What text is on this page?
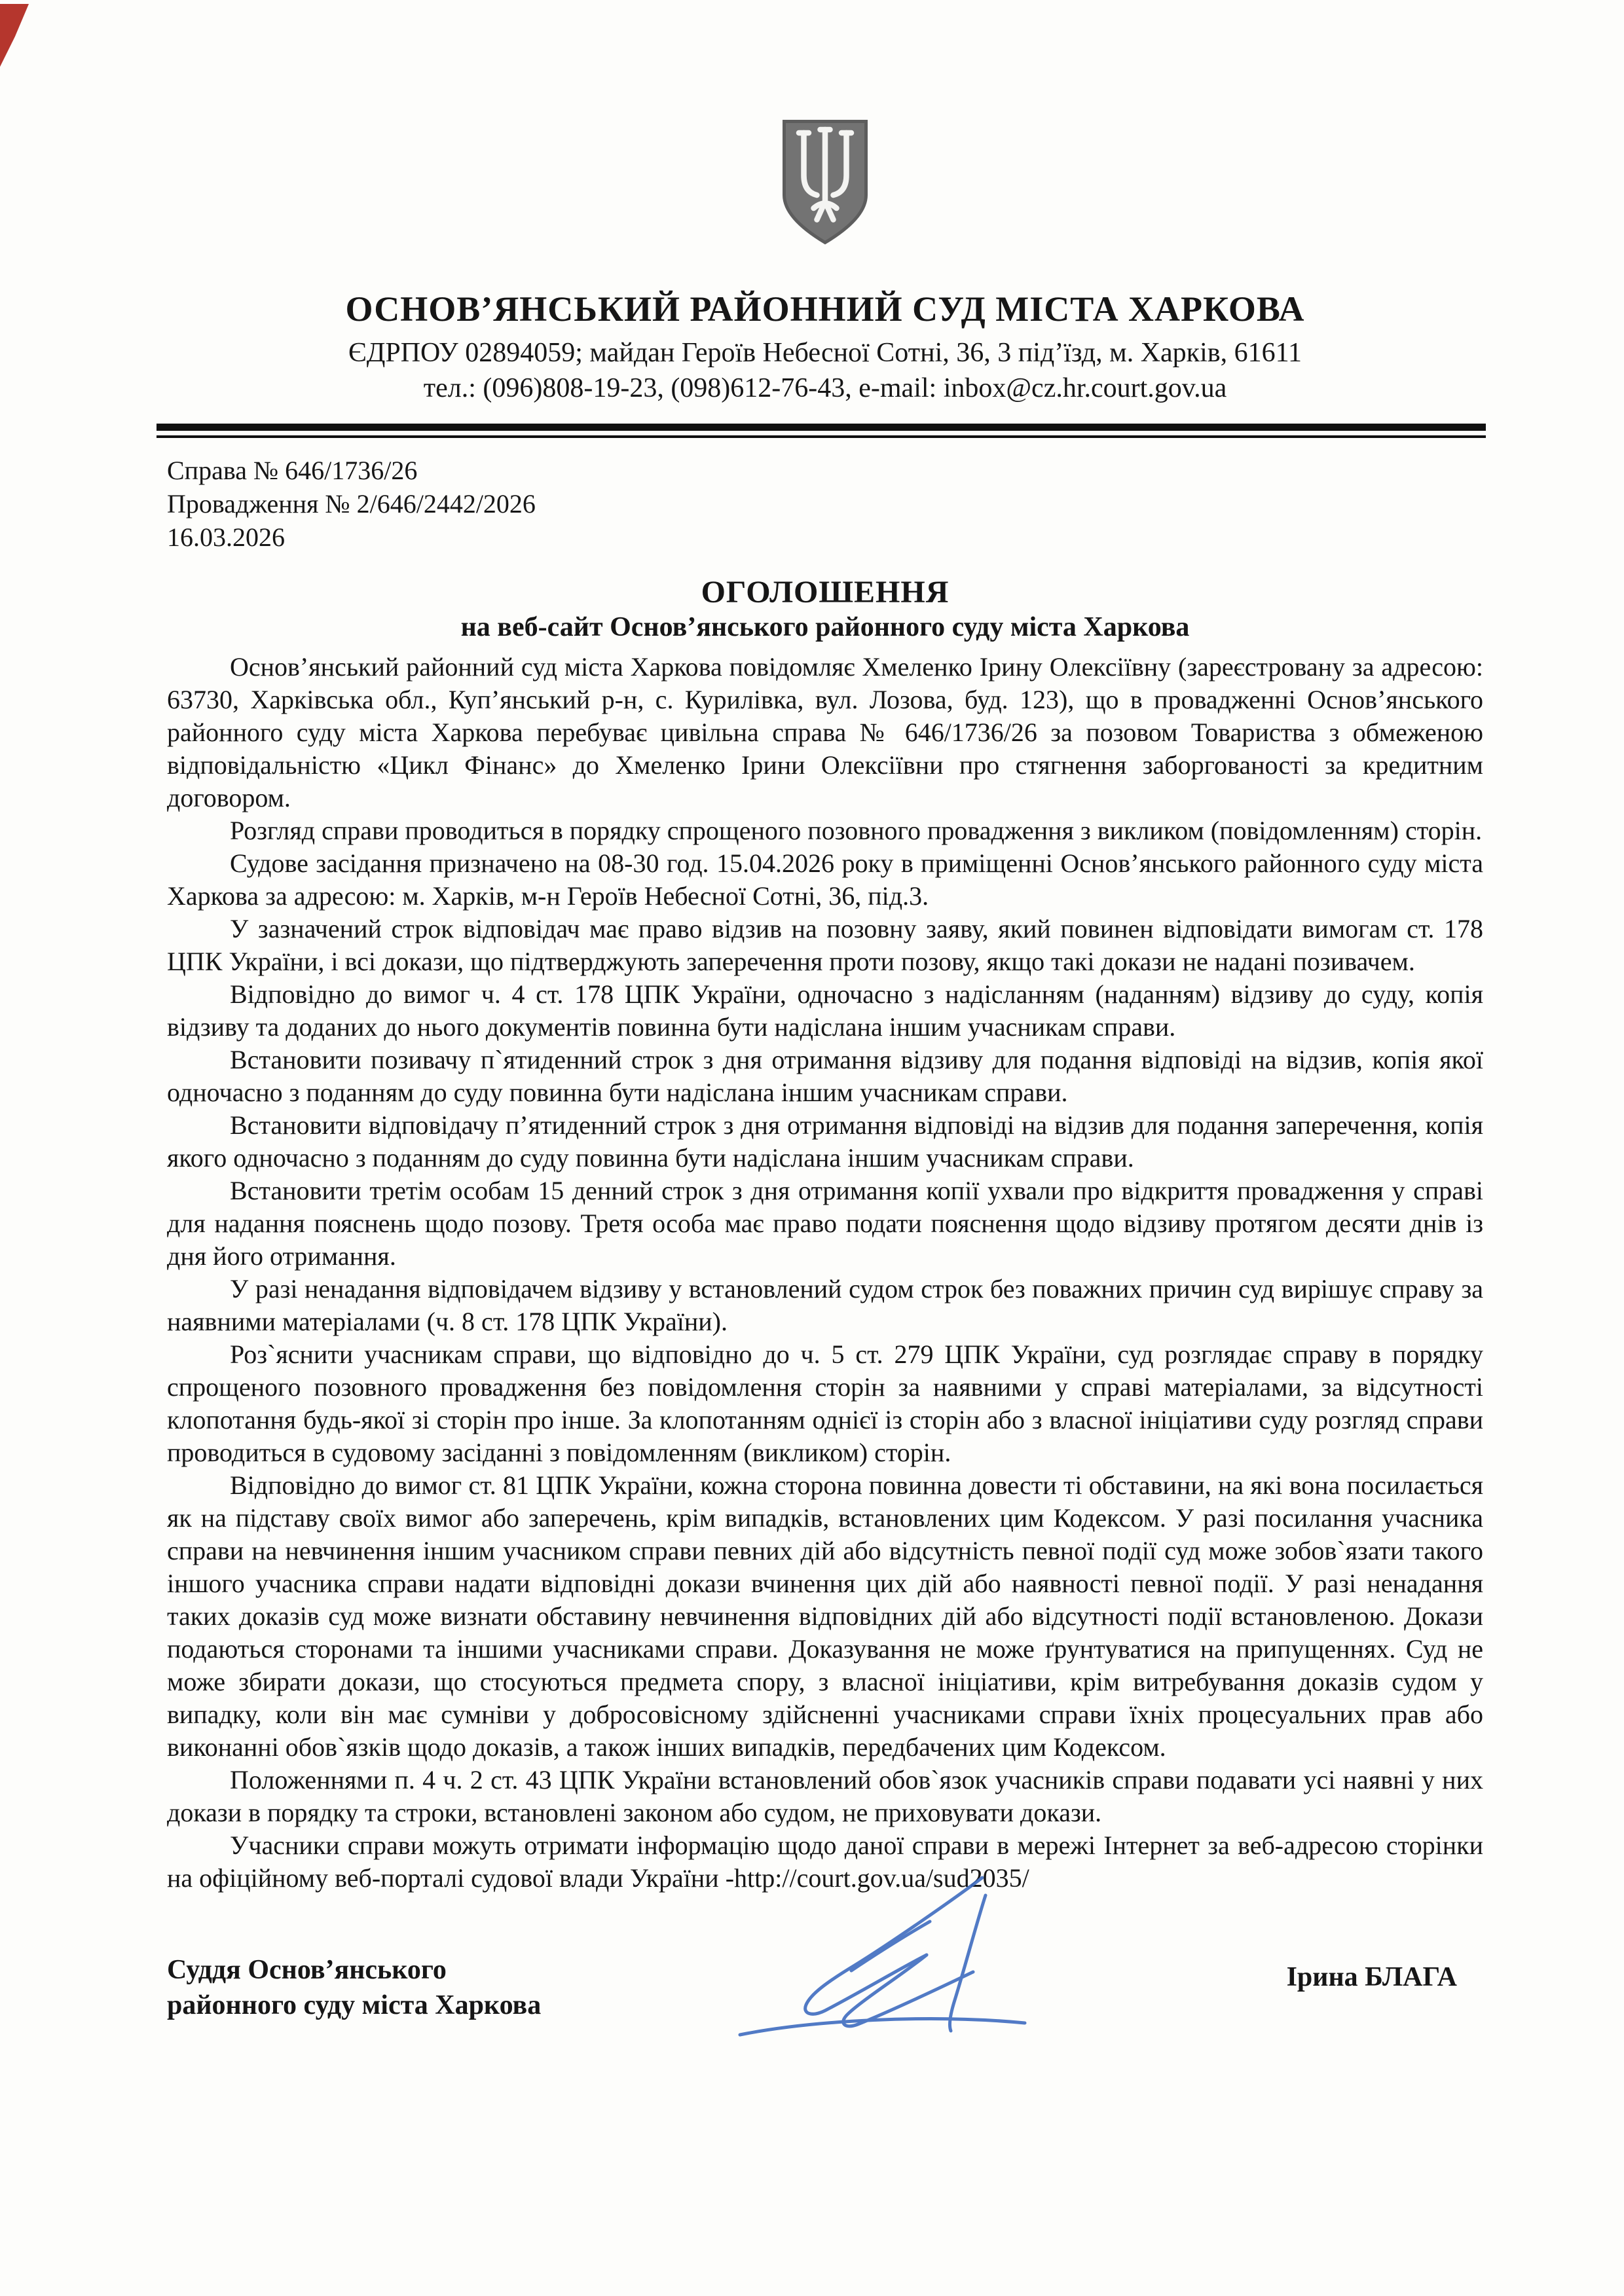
ОСНОВ’ЯНСЬКИЙ РАЙОННИЙ СУД МІСТА ХАРКОВА
ЄДРПОУ 02894059; майдан Героїв Небесної Сотні, 36, 3 під’їзд, м. Харків, 61611
тел.: (096)808-19-23, (098)612-76-43, e-mail: inbox@cz.hr.court.gov.ua
Справа № 646/1736/26
Провадження № 2/646/2442/2026
16.03.2026
ОГОЛОШЕННЯ
на веб-сайт Основ’янського районного суду міста Харкова

Основ’янський районний суд міста Харкова повідомляє Хмеленко Ірину Олексіївну (зареєстровану за адресою: 63730, Харківська обл., Куп’янський р-н, с. Курилівка, вул. Лозова, буд. 123), що в провадженні Основ’янського районного суду міста Харкова перебуває цивільна справа № 646/1736/26 за позовом Товариства з обмеженою відповідальністю «Цикл Фінанс» до Хмеленко Ірини Олексіївни про стягнення заборгованості за кредитним договором.

Розгляд справи проводиться в порядку спрощеного позовного провадження з викликом (повідомленням) сторін.

Судове засідання призначено на 08-30 год. 15.04.2026 року в приміщенні Основ’янського районного суду міста Харкова за адресою: м. Харків, м-н Героїв Небесної Сотні, 36, під.3.

У зазначений строк відповідач має право відзив на позовну заяву, який повинен відповідати вимогам ст. 178 ЦПК України, і всі докази, що підтверджують заперечення проти позову, якщо такі докази не надані позивачем.

Відповідно до вимог ч. 4 ст. 178 ЦПК України, одночасно з надісланням (наданням) відзиву до суду, копія відзиву та доданих до нього документів повинна бути надіслана іншим учасникам справи.

Встановити позивачу п`ятиденний строк з дня отримання відзиву для подання відповіді на відзив, копія якої одночасно з поданням до суду повинна бути надіслана іншим учасникам справи.

Встановити відповідачу п’ятиденний строк з дня отримання відповіді на відзив для подання заперечення, копія якого одночасно з поданням до суду повинна бути надіслана іншим учасникам справи.

Встановити третім особам 15 денний строк з дня отримання копії ухвали про відкриття провадження у справі для надання пояснень щодо позову. Третя особа має право подати пояснення щодо відзиву протягом десяти днів із дня його отримання.

У разі ненадання відповідачем відзиву у встановлений судом строк без поважних причин суд вирішує справу за наявними матеріалами (ч. 8 ст. 178 ЦПК України).

Роз`яснити учасникам справи, що відповідно до ч. 5 ст. 279 ЦПК України, суд розглядає справу в порядку спрощеного позовного провадження без повідомлення сторін за наявними у справі матеріалами, за відсутності клопотання будь-якої зі сторін про інше. За клопотанням однієї із сторін або з власної ініціативи суду розгляд справи проводиться в судовому засіданні з повідомленням (викликом) сторін.

Відповідно до вимог ст. 81 ЦПК України, кожна сторона повинна довести ті обставини, на які вона посилається як на підставу своїх вимог або заперечень, крім випадків, встановлених цим Кодексом. У разі посилання учасника справи на невчинення іншим учасником справи певних дій або відсутність певної події суд може зобов`язати такого іншого учасника справи надати відповідні докази вчинення цих дій або наявності певної події. У разі ненадання таких доказів суд може визнати обставину невчинення відповідних дій або відсутності події встановленою. Докази подаються сторонами та іншими учасниками справи. Доказування не може ґрунтуватися на припущеннях. Суд не може збирати докази, що стосуються предмета спору, з власної ініціативи, крім витребування доказів судом у випадку, коли він має сумніви у добросовісному здійсненні учасниками справи їхніх процесуальних прав або виконанні обов`язків щодо доказів, а також інших випадків, передбачених цим Кодексом.

Положеннями п. 4 ч. 2 ст. 43 ЦПК України встановлений обов`язок учасників справи подавати усі наявні у них докази в порядку та строки, встановлені законом або судом, не приховувати докази.

Учасники справи можуть отримати інформацію щодо даної справи в мережі Інтернет за веб-адресою сторінки на офіційному веб-порталі судової влади України -http://court.gov.ua/sud2035/

Суддя Основ’янського
районного суду міста Харкова
Ірина БЛАГА
